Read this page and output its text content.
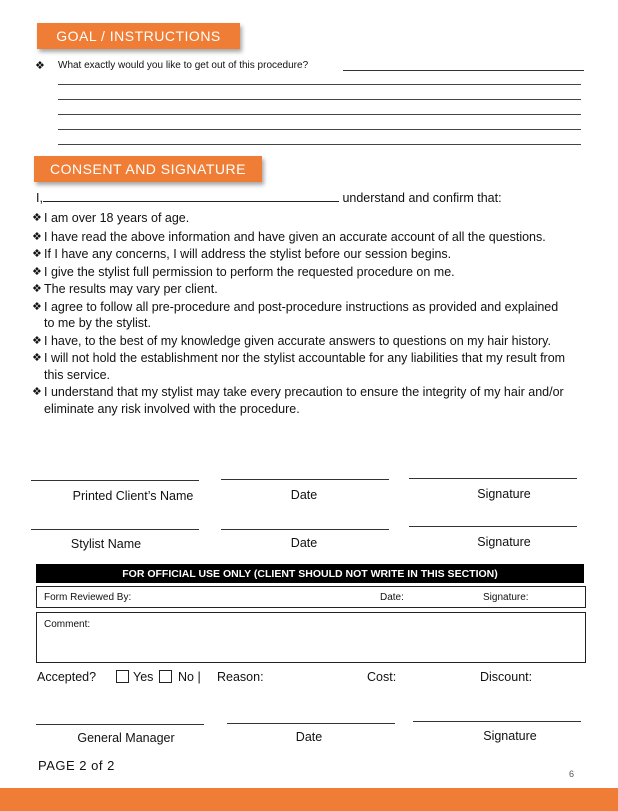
GOAL / INSTRUCTIONS
❖ What exactly would you like to get out of this procedure?
CONSENT AND SIGNATURE
I,	understand and confirm that:
❖ I am over 18 years of age.
❖ I have read the above information and have given an accurate account of all the questions.
❖ If I have any concerns, I will address the stylist before our session begins.
❖ I give the stylist full permission to perform the requested procedure on me.
❖ The results may vary per client.
❖ I agree to follow all pre-procedure and post-procedure instructions as provided and explained to me by the stylist.
❖ I have, to the best of my knowledge given accurate answers to questions on my hair history.
❖ I will not hold the establishment nor the stylist accountable for any liabilities that my result from this service.
❖ I understand that my stylist may take every precaution to ensure the integrity of my hair and/or eliminate any risk involved with the procedure.
Printed Client’s Name	Date	Signature
Stylist Name	Date	Signature
FOR OFFICIAL USE ONLY (CLIENT SHOULD NOT WRITE IN THIS SECTION)
Form Reviewed By:	Date:	Signature:
Comment:
Accepted?	Yes No | Reason:	Cost:	Discount:
General Manager	Date	Signature
PAGE 2 of 2
6
